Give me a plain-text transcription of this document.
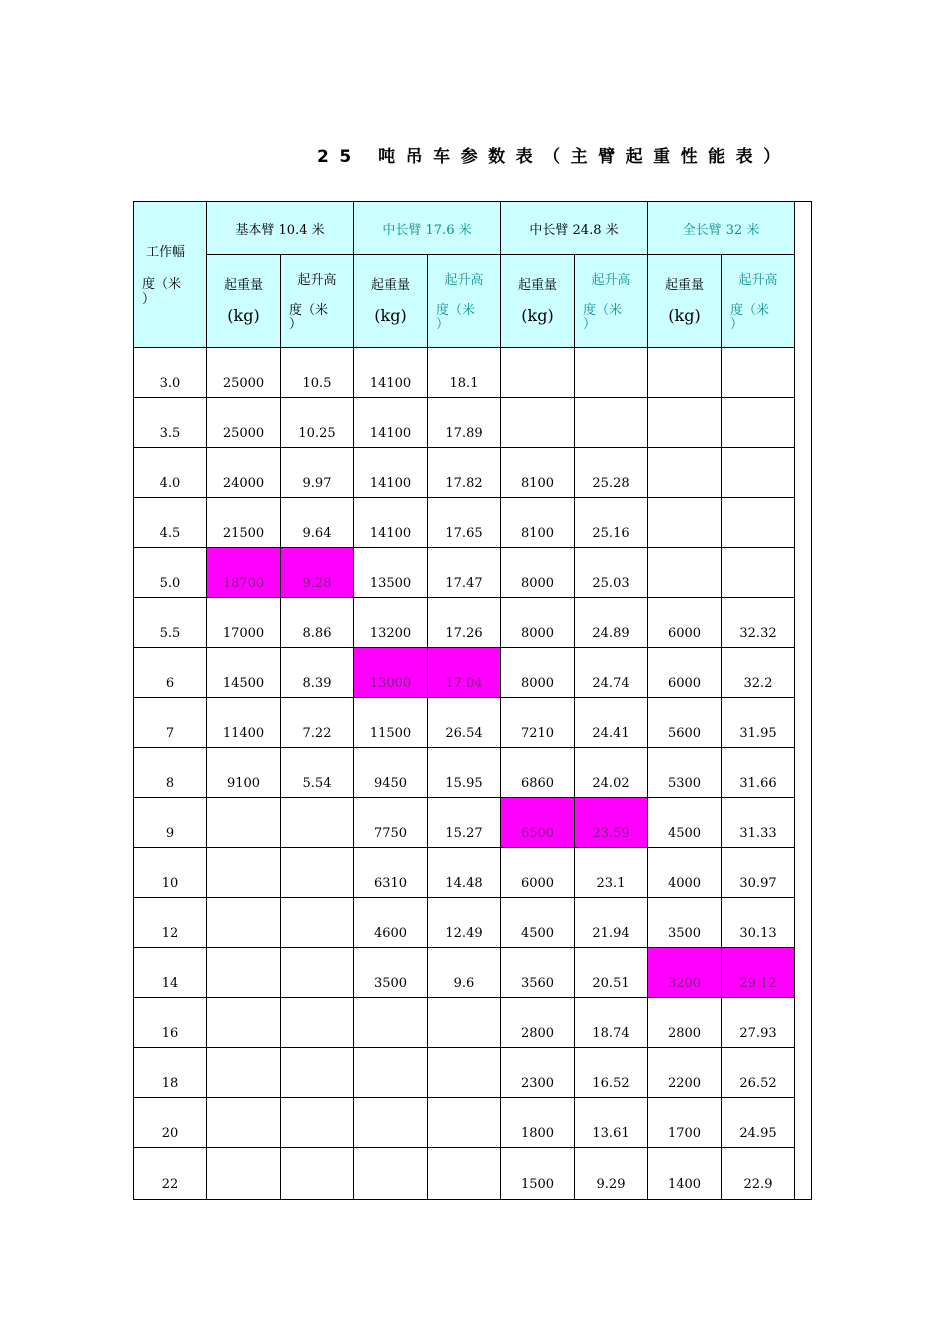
25 吨吊车参数表（主臂起重性能表）
工作幅
度（米
）	基本臂 10.4 米		中长臂 17.6 米		中长臂 24.8 米		全长臂 32 米		

	起重量
(kg)	起升高
度（米
）	起重量
(kg)	起升高
度（米
）	起重量
(kg)	起升高
度（米
）	起重量
(kg)	起升高
度（米
）	

3.0	25000	10.5	14100	18.1					

3.5	25000	10.25	14100	17.89					

4.0	24000	9.97	14100	17.82	8100	25.28			

4.5	21500	9.64	14100	17.65	8100	25.16			

5.0	18700	9.28	13500	17.47	8000	25.03			

5.5	17000	8.86	13200	17.26	8000	24.89	6000	32.32	

6	14500	8.39	13000	17.04	8000	24.74	6000	32.2	

7	11400	7.22	11500	26.54	7210	24.41	5600	31.95	

8	9100	5.54	9450	15.95	6860	24.02	5300	31.66	

9			7750	15.27	6500	23.59	4500	31.33	

10			6310	14.48	6000	23.1	4000	30.97	

12			4600	12.49	4500	21.94	3500	30.13	

14			3500	9.6	3560	20.51	3200	29.12	

16					2800	18.74	2800	27.93	

18					2300	16.52	2200	26.52	

20					1800	13.61	1700	24.95	

22					1500	9.29	1400	22.9	
